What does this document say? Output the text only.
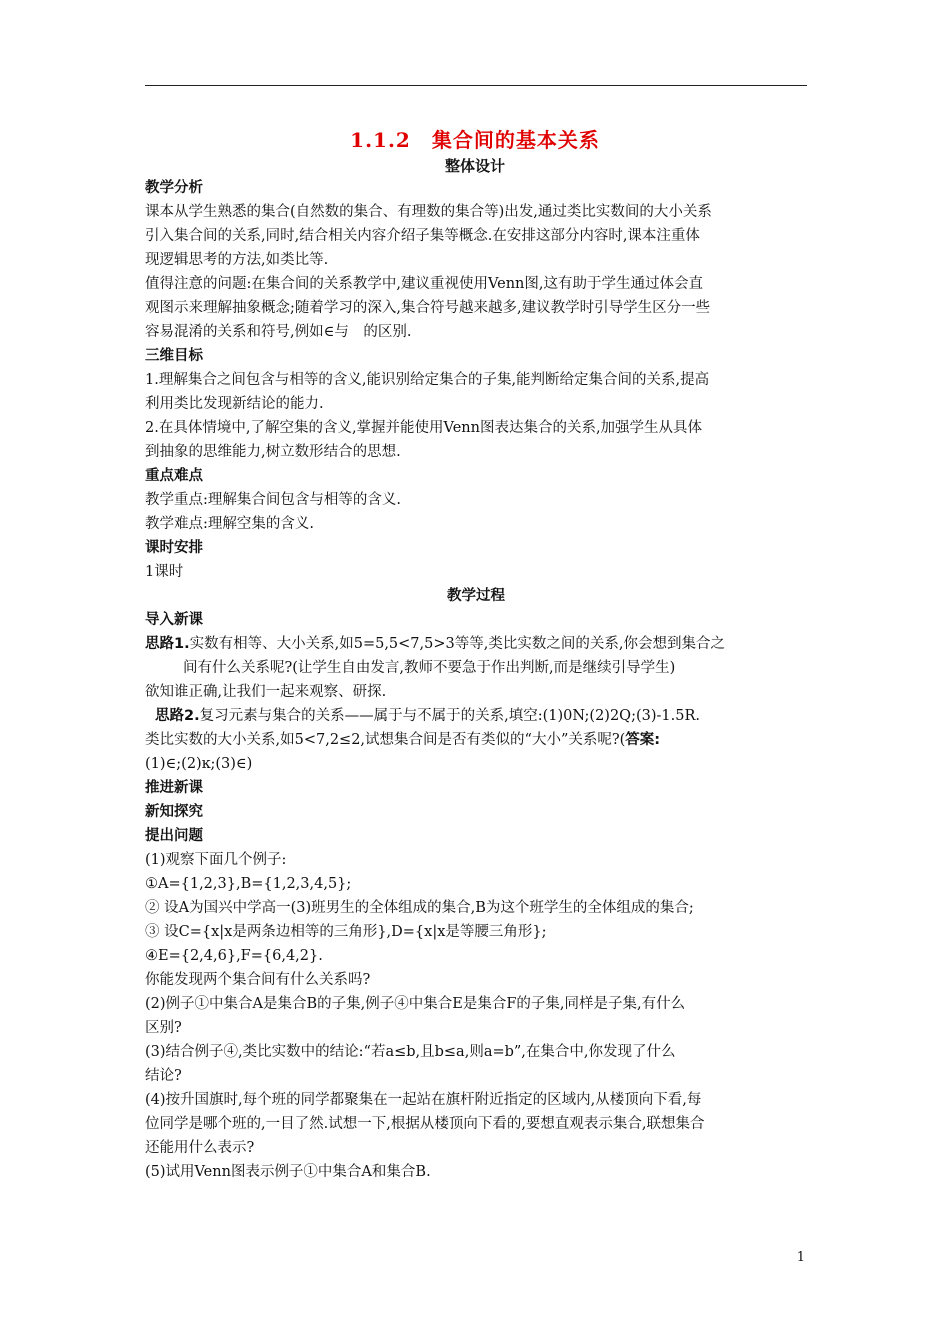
1.1.2　集合间的基本关系
整体设计
教学分析
课本从学生熟悉的集合(自然数的集合、有理数的集合等)出发,通过类比实数间的大小关系
引入集合间的关系,同时,结合相关内容介绍子集等概念.在安排这部分内容时,课本注重体
现逻辑思考的方法,如类比等.
值得注意的问题:在集合间的关系教学中,建议重视使用Venn图,这有助于学生通过体会直
观图示来理解抽象概念;随着学习的深入,集合符号越来越多,建议教学时引导学生区分一些
容易混淆的关系和符号,例如∈与　的区别.
三维目标
1.理解集合之间包含与相等的含义,能识别给定集合的子集,能判断给定集合间的关系,提高
利用类比发现新结论的能力.
2.在具体情境中,了解空集的含义,掌握并能使用Venn图表达集合的关系,加强学生从具体
到抽象的思维能力,树立数形结合的思想.
重点难点
教学重点:理解集合间包含与相等的含义.
教学难点:理解空集的含义.
课时安排
1课时
教学过程
导入新课
思路1.实数有相等、大小关系,如5=5,5<7,5>3等等,类比实数之间的关系,你会想到集合之
间有什么关系呢?(让学生自由发言,教师不要急于作出判断,而是继续引导学生)
欲知谁正确,让我们一起来观察、研探.
思路2.复习元素与集合的关系——属于与不属于的关系,填空:(1)0N;(2)2Q;(3)-1.5R.
类比实数的大小关系,如5<7,2≤2,试想集合间是否有类似的“大小”关系呢?(答案:
(1)∈;(2)ĸ;(3)∈)
推进新课
新知探究
提出问题
(1)观察下面几个例子:
①A={1,2,3},B={1,2,3,4,5};
② 设A为国兴中学高一(3)班男生的全体组成的集合,B为这个班学生的全体组成的集合;
③ 设C={x|x是两条边相等的三角形},D={x|x是等腰三角形};
④E={2,4,6},F={6,4,2}.
你能发现两个集合间有什么关系吗?
(2)例子①中集合A是集合B的子集,例子④中集合E是集合F的子集,同样是子集,有什么
区别?
(3)结合例子④,类比实数中的结论:“若a≤b,且b≤a,则a=b”,在集合中,你发现了什么
结论?
(4)按升国旗时,每个班的同学都聚集在一起站在旗杆附近指定的区域内,从楼顶向下看,每
位同学是哪个班的,一目了然.试想一下,根据从楼顶向下看的,要想直观表示集合,联想集合
还能用什么表示?
(5)试用Venn图表示例子①中集合A和集合B.
1
